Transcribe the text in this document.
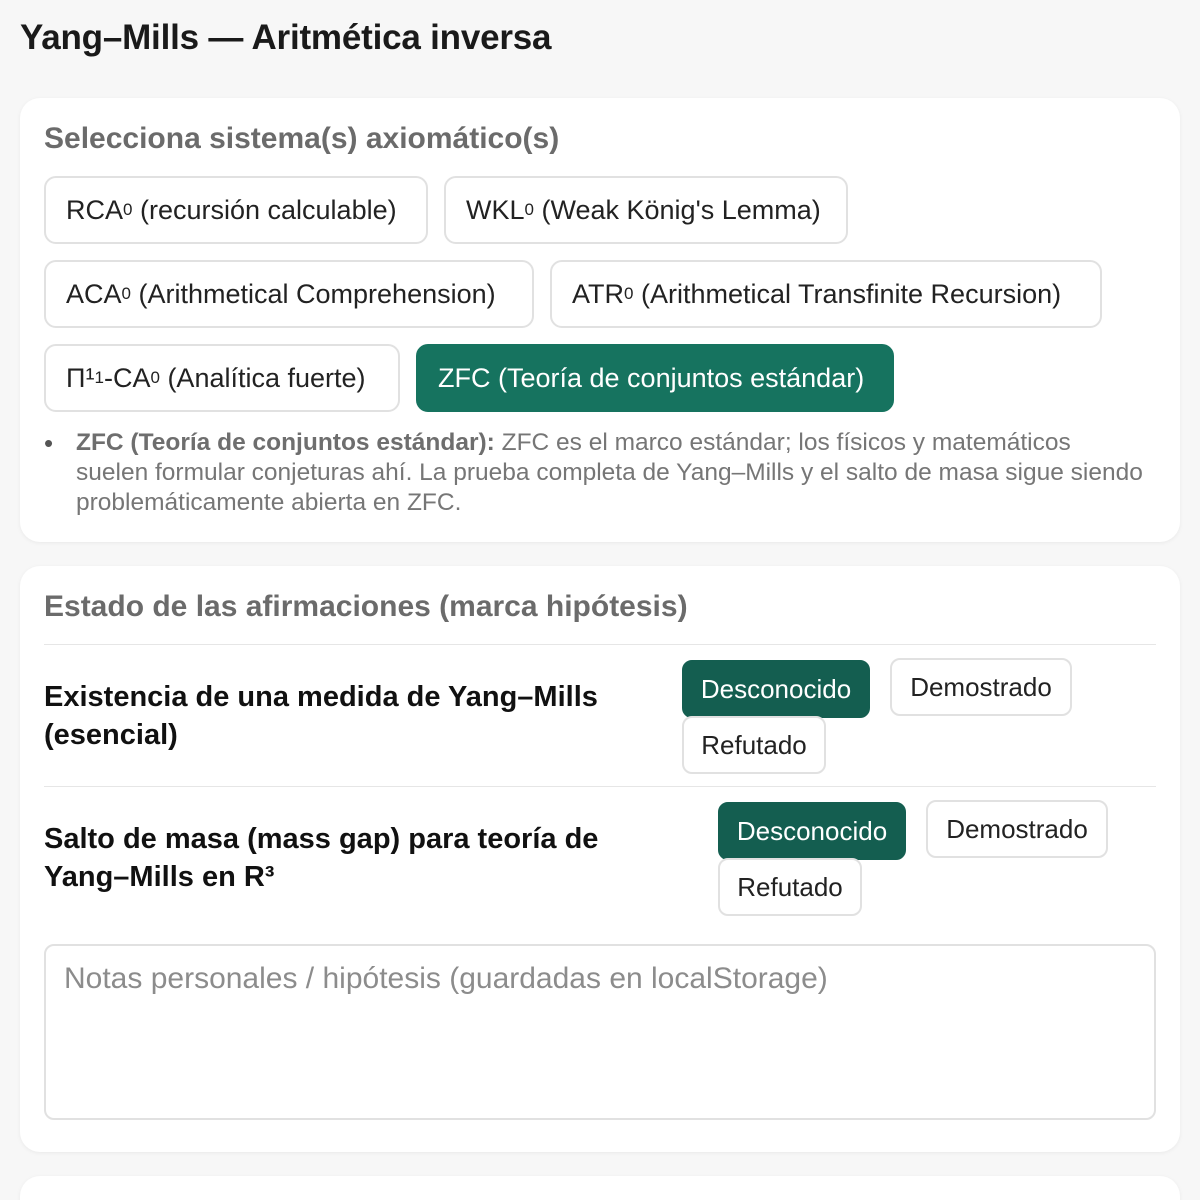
Yang–Mills — Aritmética inversa
Selecciona sistema(s) axiomático(s)
RCA 0 (recursión calculable)	WKL 0 (Weak König's Lemma)
ACA 0 (Arithmetical Comprehension)	ATR 0 (Arithmetical Transfinite Recursion)
Π¹ 1 -CA 0 (Analítica fuerte)	ZFC (Teoría de conjuntos estándar)
• ZFC (Teoría de conjuntos estándar): ZFC es el marco estándar; los físicos y matemáticos suelen formular conjeturas ahí. La prueba completa de Yang–Mills y el salto de masa sigue siendo problemáticamente abierta en ZFC.
Estado de las afirmaciones (marca hipótesis)
Existencia de una medida de Yang–Mills (esencial)
Desconocido	Demostrado
Refutado
Salto de masa (mass gap) para teoría de Yang–Mills en R³
Desconocido	Demostrado
Refutado
Notas personales / hipótesis (guardadas en localStorage)
